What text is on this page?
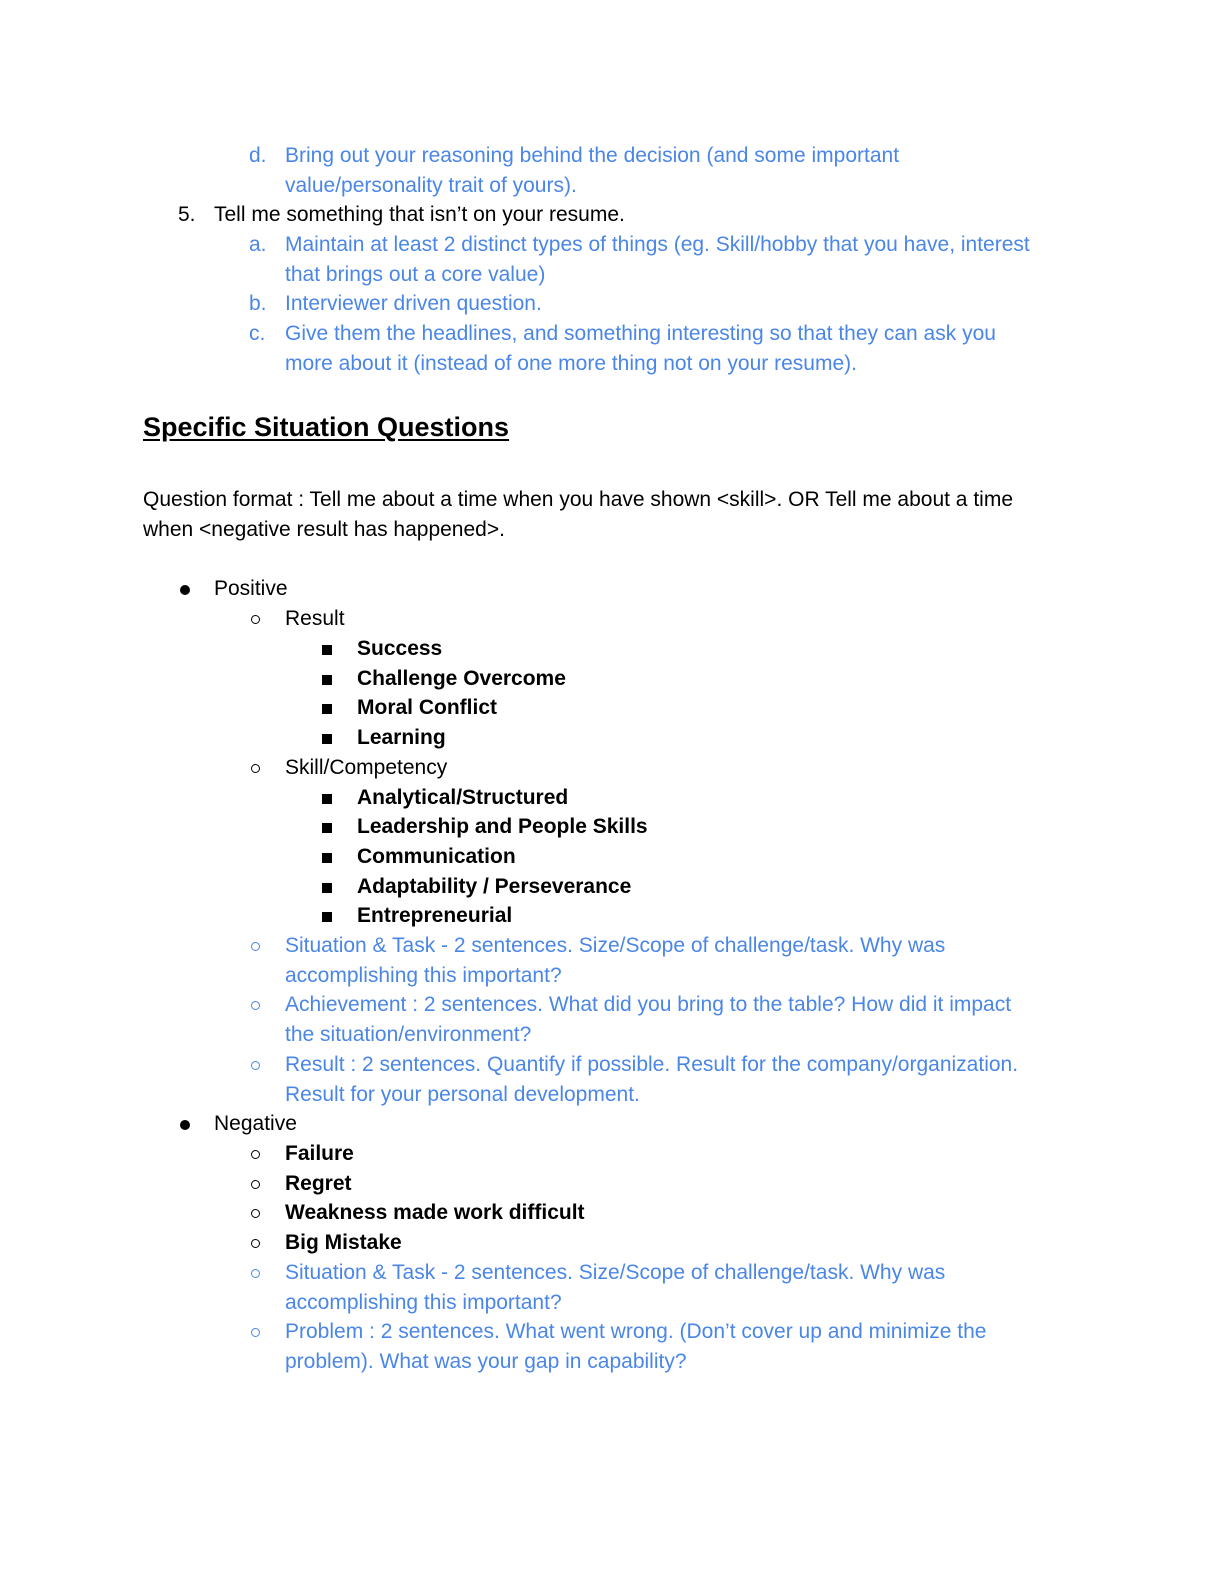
d. Bring out your reasoning behind the decision (and some important
value/personality trait of yours).
5. Tell me something that isn’t on your resume.
a. Maintain at least 2 distinct types of things (eg. Skill/hobby that you have, interest
that brings out a core value)
b. Interviewer driven question.
c. Give them the headlines, and something interesting so that they can ask you
more about it (instead of one more thing not on your resume).
Specific Situation Questions
Question format : Tell me about a time when you have shown <skill>. OR Tell me about a time
when <negative result has happened>.
Positive
Result
Success
Challenge Overcome
Moral Conflict
Learning
Skill/Competency
Analytical/Structured
Leadership and People Skills
Communication
Adaptability / Perseverance
Entrepreneurial
Situation & Task - 2 sentences. Size/Scope of challenge/task. Why was
accomplishing this important?
Achievement : 2 sentences. What did you bring to the table? How did it impact
the situation/environment?
Result : 2 sentences. Quantify if possible. Result for the company/organization.
Result for your personal development.
Negative
Failure
Regret
Weakness made work difficult
Big Mistake
Situation & Task - 2 sentences. Size/Scope of challenge/task. Why was
accomplishing this important?
Problem : 2 sentences. What went wrong. (Don’t cover up and minimize the
problem). What was your gap in capability?
